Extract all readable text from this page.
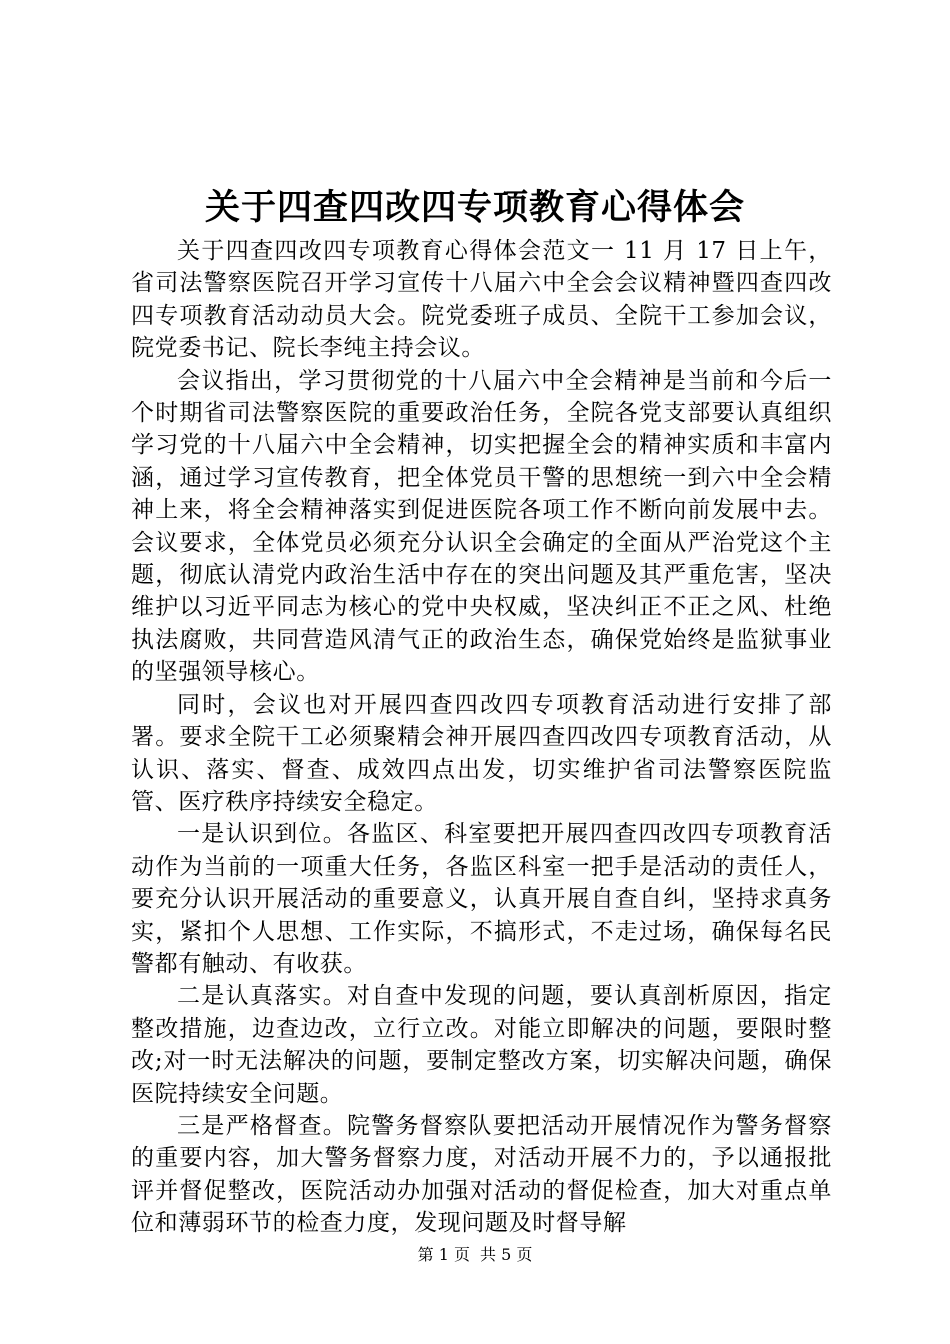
关于四查四改四专项教育心得体会

关于四查四改四专项教育心得体会范文一 11 月 17 日上午，省司法警察医院召开学习宣传十八届六中全会会议精神暨四查四改四专项教育活动动员大会。院党委班子成员、全院干工参加会议，院党委书记、院长李纯主持会议。

会议指出，学习贯彻党的十八届六中全会精神是当前和今后一个时期省司法警察医院的重要政治任务，全院各党支部要认真组织学习党的十八届六中全会精神，切实把握全会的精神实质和丰富内涵，通过学习宣传教育，把全体党员干警的思想统一到六中全会精神上来，将全会精神落实到促进医院各项工作不断向前发展中去。会议要求，全体党员必须充分认识全会确定的全面从严治党这个主题，彻底认清党内政治生活中存在的突出问题及其严重危害，坚决维护以习近平同志为核心的党中央权威，坚决纠正不正之风、杜绝执法腐败，共同营造风清气正的政治生态，确保党始终是监狱事业的坚强领导核心。

同时，会议也对开展四查四改四专项教育活动进行安排了部署。要求全院干工必须聚精会神开展四查四改四专项教育活动，从认识、落实、督查、成效四点出发，切实维护省司法警察医院监管、医疗秩序持续安全稳定。

一是认识到位。各监区、科室要把开展四查四改四专项教育活动作为当前的一项重大任务，各监区科室一把手是活动的责任人，要充分认识开展活动的重要意义，认真开展自查自纠，坚持求真务实，紧扣个人思想、工作实际，不搞形式，不走过场，确保每名民警都有触动、有收获。

二是认真落实。对自查中发现的问题，要认真剖析原因，指定整改措施，边查边改，立行立改。对能立即解决的问题，要限时整改;对一时无法解决的问题，要制定整改方案，切实解决问题，确保医院持续安全问题。

三是严格督查。院警务督察队要把活动开展情况作为警务督察的重要内容，加大警务督察力度，对活动开展不力的，予以通报批评并督促整改，医院活动办加强对活动的督促检查，加大对重点单位和薄弱环节的检查力度，发现问题及时督导解

第 1 页 共 5 页
